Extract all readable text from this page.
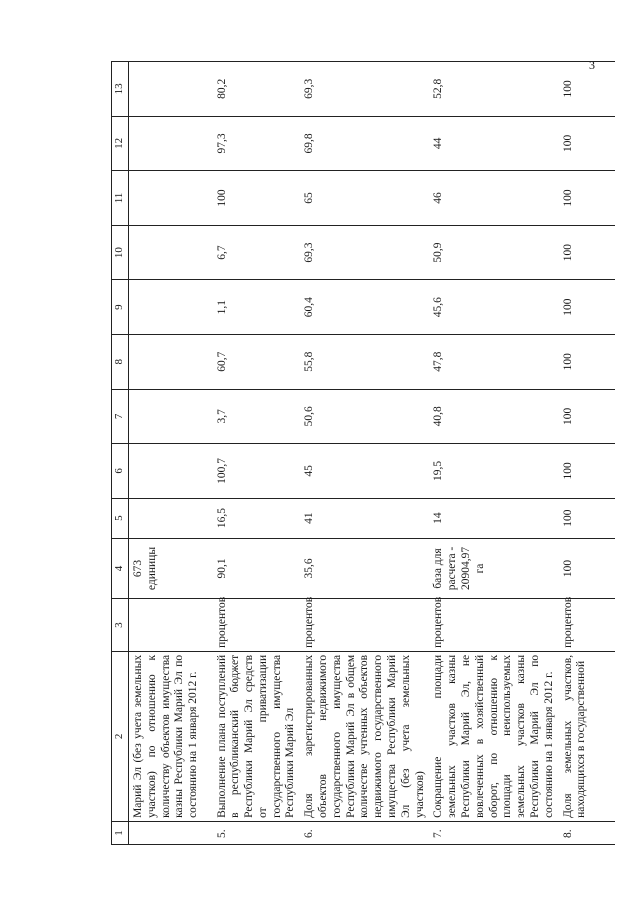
3
1	2	3	4	5	6	7	8	9	10	11	12	13
	Марий Эл (без учета земельных участков) по отношению к количеству объектов имущества казны Республики Марий Эл по состоянию на 1 января 2012 г.		673 единицы									
5.	Выполнение плана поступлений в республиканский бюджет Республики Марий Эл средств от приватизации государственного имущества Республики Марий Эл	процентов	90,1	16,5	100,7	3,7	60,7	1,1	6,7	100	97,3	80,2
6.	Доля зарегистрированных объектов недвижимого государственного имущества Республики Марий Эл в общем количестве учтенных объектов недвижимого государственного имущества Республики Марий Эл (без учета земельных участков)	процентов	35,6	41	45	50,6	55,8	60,4	69,3	65	69,8	69,3
7.	Сокращение площади земельных участков казны Республики Марий Эл, не вовлеченных в хозяйственный оборот, по отношению к площади неиспользуемых земельных участков казны Республики Марий Эл по состоянию на 1 января 2012 г.	процентов	база для расчета - 20904,97 га	14	19,5	40,8	47,8	45,6	50,9	46	44	52,8
8.	Доля земельных участков, находящихся в государственной	процентов	100	100	100	100	100	100	100	100	100	100
